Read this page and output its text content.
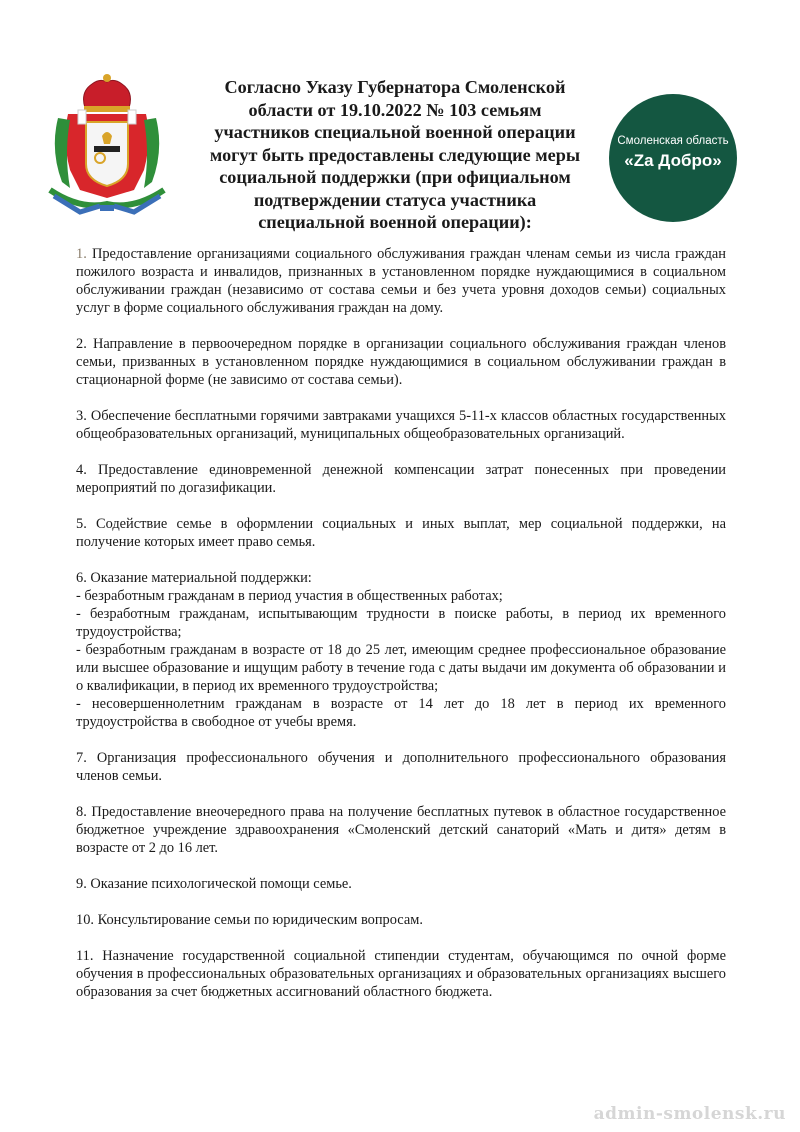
Согласно Указу Губернатора Смоленской
области от 19.10.2022 № 103 семьям
участников специальной военной операции
могут быть предоставлены следующие меры
социальной поддержки (при официальном
подтверждении статуса участника
специальной военной операции):
Смоленская область
«Za Добро»

1. Предоставление организациями социального обслуживания граждан членам семьи из числа граждан пожилого возраста и инвалидов, признанных в установленном порядке нуждающимися в социальном обслуживании граждан (независимо от состава семьи и без учета уровня доходов семьи) социальных услуг в форме социального обслуживания граждан на дому.

2. Направление в первоочередном порядке в организации социального обслуживания граждан членов семьи, призванных в установленном порядке нуждающимися в социальном обслуживании граждан в стационарной форме (не зависимо от состава семьи).

3. Обеспечение бесплатными горячими завтраками учащихся 5-11-х классов областных государственных общеобразовательных организаций, муниципальных общеобразовательных организаций.

4. Предоставление единовременной денежной компенсации затрат понесенных при проведении мероприятий по догазификации.

5. Содействие семье в оформлении социальных и иных выплат, мер социальной поддержки, на получение которых имеет право семья.

6. Оказание материальной поддержки:
- безработным гражданам в период участия в общественных работах;
- безработным гражданам, испытывающим трудности в поиске работы, в период их временного трудоустройства;
- безработным гражданам в возрасте от 18 до 25 лет, имеющим среднее профессиональное образование или высшее образование и ищущим работу в течение года с даты выдачи им документа об образовании и о квалификации, в период их временного трудоустройства;
- несовершеннолетним гражданам в возрасте от 14 лет до 18 лет в период их временного трудоустройства в свободное от учебы время.

7. Организация профессионального обучения и дополнительного профессионального образования членов семьи.

8. Предоставление внеочередного права на получение бесплатных путевок в областное государственное бюджетное учреждение здравоохранения «Смоленский детский санаторий «Мать и дитя» детям в возрасте от 2 до 16 лет.

9. Оказание психологической помощи семье.

10. Консультирование семьи по юридическим вопросам.

11. Назначение государственной социальной стипендии студентам, обучающимся по очной форме обучения в профессиональных образовательных организациях и образовательных организациях высшего образования за счет бюджетных ассигнований областного бюджета.

admin-smolensk.ru
